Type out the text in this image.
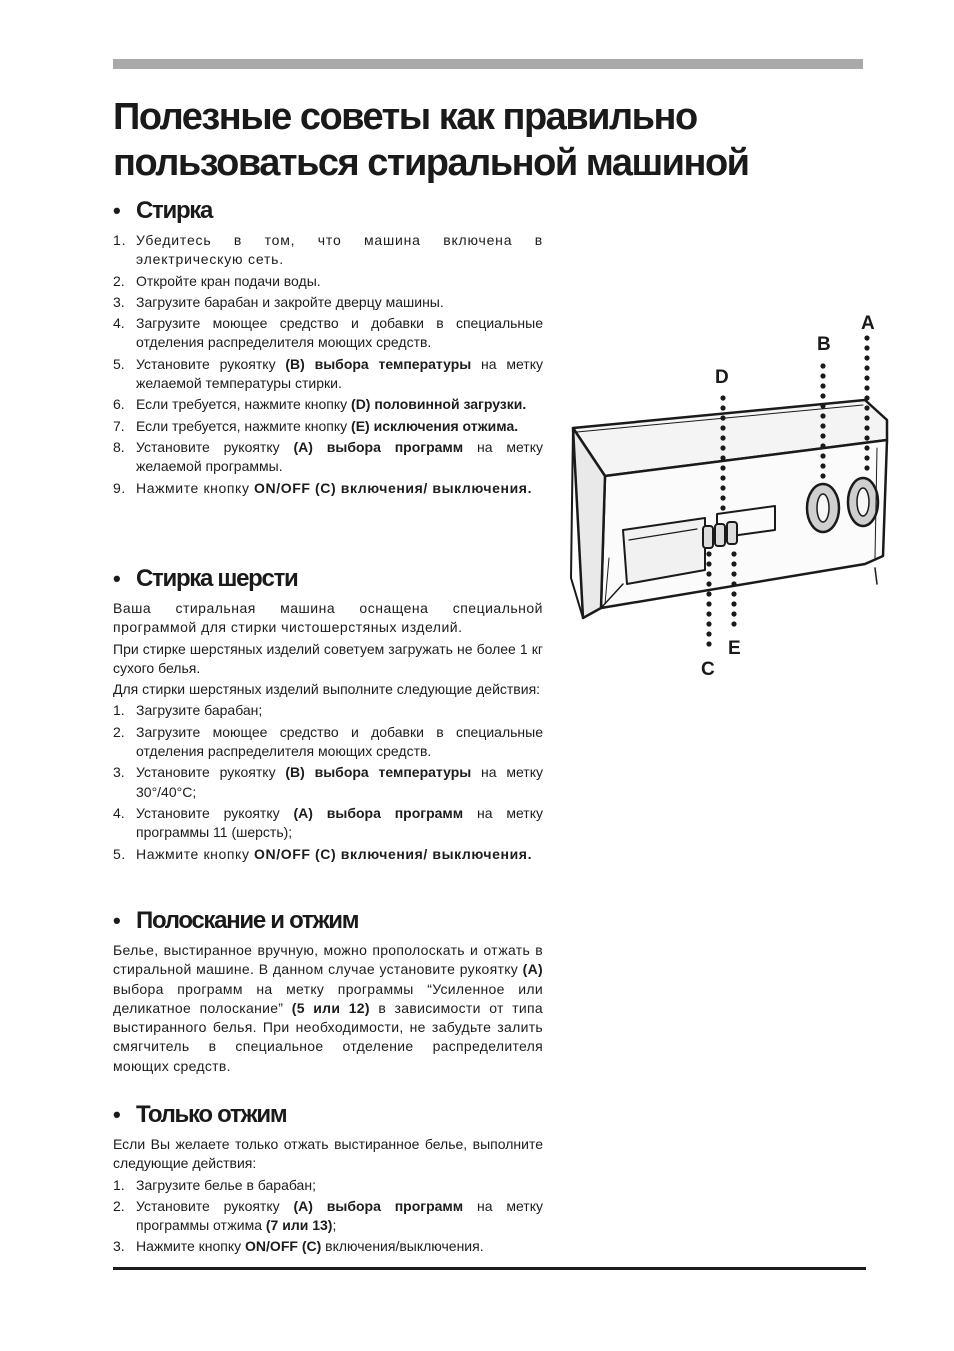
Полезные советы как правильно
пользоваться стиральной машиной
• Стирка
1. Убедитесь в том, что машина включена в электрическую сеть.
2. Откройте кран подачи воды.
3. Загрузите барабан и закройте дверцу машины.
4. Загрузите моющее средство и добавки в специальные отделения распределителя моющих средств.
5. Установите рукоятку (B) выбора температуры на метку желаемой температуры стирки.
6. Если требуется, нажмите кнопку (D) половинной загрузки.
7. Если требуется, нажмите кнопку (E) исключения отжима.
8. Установите рукоятку (A) выбора программ на метку желаемой программы.
9. Нажмите кнопку ON/OFF (C) включения/ выключения.
• Стирка шерсти

Ваша стиральная машина оснащена специальной программой для стирки чистошерстяных изделий.

При стирке шерстяных изделий советуем загружать не более 1 кг сухого белья.

Для стирки шерстяных изделий выполните следующие действия:

1. Загрузите барабан;
2. Загрузите моющее средство и добавки в специальные отделения распределителя моющих средств.
3. Установите рукоятку (B) выбора температуры на метку 30°/40°C;
4. Установите рукоятку (A) выбора программ на метку программы 11 (шерсть);
5. Нажмите кнопку ON/OFF (C) включения/ выключения.
• Полоскание и отжим

Белье, выстиранное вручную, можно прополоскать и отжать в стиральной машине. В данном случае установите рукоятку (A) выбора программ на метку программы “Усиленное или деликатное полоскание” (5 или 12) в зависимости от типа выстиранного белья. При необходимости, не забудьте залить смягчитель в специальное отделение распределителя моющих средств.

• Только отжим

Если Вы желаете только отжать выстиранное белье, выполните следующие действия:

1. Загрузите белье в барабан;
2. Установите рукоятку (A) выбора программ на метку программы отжима (7 или 13);
3. Нажмите кнопку ON/OFF (C) включения/выключения.
A
B
D
C
E
